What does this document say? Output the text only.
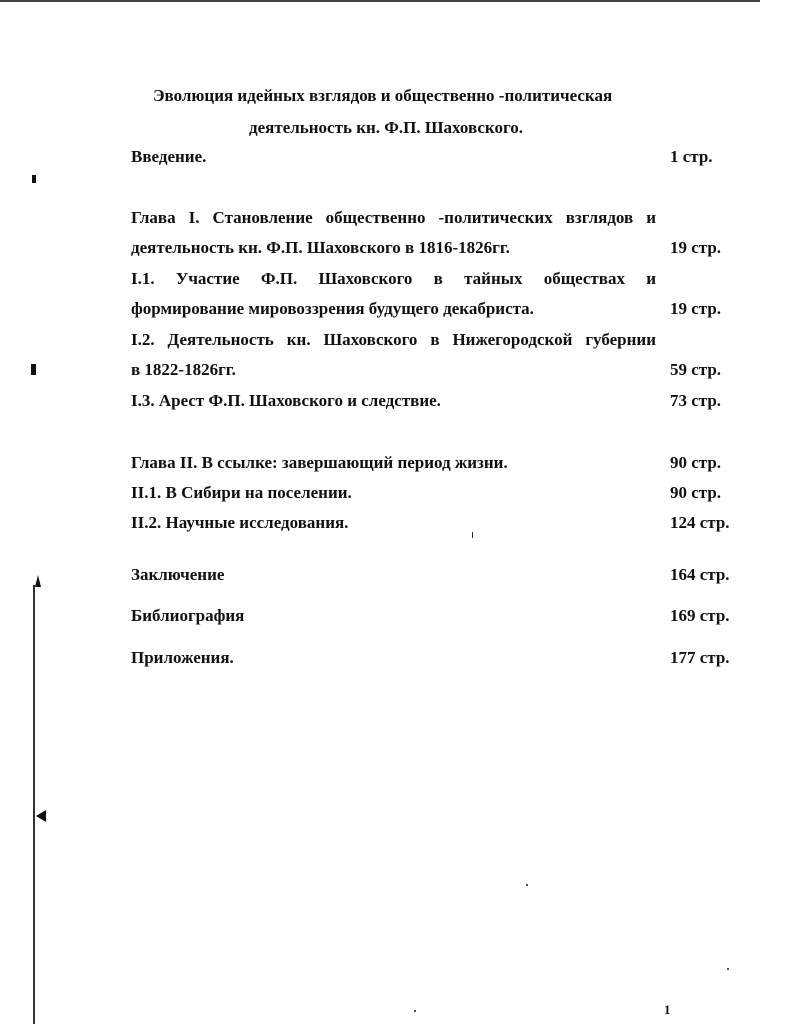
Эволюция идейных взглядов и общественно -политическая
деятельность кн. Ф.П. Шаховского.
Введение.	1 стр.
Глава I. Становление общественно -политических взглядов и
деятельность кн. Ф.П. Шаховского в 1816-1826гг.	19 стр.
I.1. Участие Ф.П. Шаховского в тайных обществах и
формирование мировоззрения будущего декабриста.	19 стр.
I.2. Деятельность кн. Шаховского в Нижегородской губернии
в 1822-1826гг.	59 стр.
I.3. Арест Ф.П. Шаховского и следствие.	73 стр.
Глава II. В ссылке: завершающий период жизни.	90 стр.
II.1. В Сибири на поселении.	90 стр.
II.2. Научные исследования.	124 стр.
Заключение	164 стр.
Библиография	169 стр.
Приложения.	177 стр.
1
